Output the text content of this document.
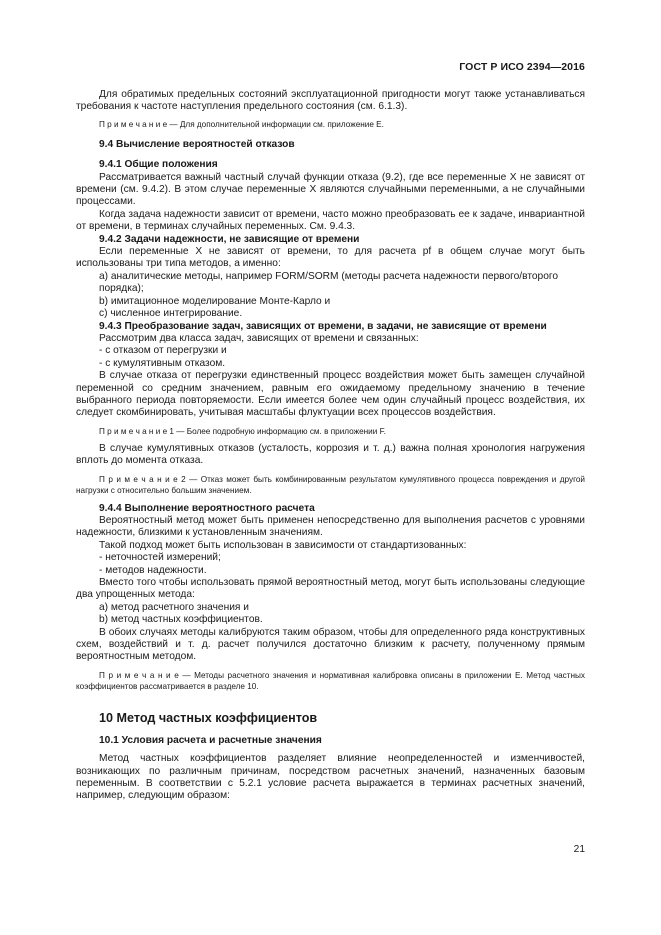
ГОСТ Р ИСО 2394—2016

Для обратимых предельных состояний эксплуатационной пригодности могут также устанавливаться требования к частоте наступления предельного состояния (см. 6.1.3).

П р и м е ч а н и е — Для дополнительной информации см. приложение Е.

9.4 Вычисление вероятностей отказов

9.4.1 Общие положения

Рассматривается важный частный случай функции отказа (9.2), где все переменные X не зависят от времени (см. 9.4.2). В этом случае переменные X являются случайными переменными, а не случайными процессами.

Когда задача надежности зависит от времени, часто можно преобразовать ее к задаче, инвариантной от времени, в терминах случайных переменных. См. 9.4.3.

9.4.2 Задачи надежности, не зависящие от времени

Если переменные X не зависят от времени, то для расчета pf в общем случае могут быть использованы три типа методов, а именно:

а) аналитические методы, например FORM/SORM (методы расчета надежности первого/второго порядка);

b) имитационное моделирование Монте-Карло и

с) численное интегрирование.

9.4.3 Преобразование задач, зависящих от времени, в задачи, не зависящие от времени

Рассмотрим два класса задач, зависящих от времени и связанных:

- с отказом от перегрузки и

- с кумулятивным отказом.

В случае отказа от перегрузки единственный процесс воздействия может быть замещен случайной переменной со средним значением, равным его ожидаемому предельному значению в течение выбранного периода повторяемости. Если имеется более чем один случайный процесс воздействия, их следует скомбинировать, учитывая масштабы флуктуации всех процессов воздействия.

П р и м е ч а н и е 1 — Более подробную информацию см. в приложении F.

В случае кумулятивных отказов (усталость, коррозия и т. д.) важна полная хронология нагружения вплоть до момента отказа.

П р и м е ч а н и е 2 — Отказ может быть комбинированным результатом кумулятивного процесса повреждения и другой нагрузки с относительно большим значением.

9.4.4 Выполнение вероятностного расчета

Вероятностный метод может быть применен непосредственно для выполнения расчетов с уровнями надежности, близкими к установленным значениям.

Такой подход может быть использован в зависимости от стандартизованных:

- неточностей измерений;

- методов надежности.

Вместо того чтобы использовать прямой вероятностный метод, могут быть использованы следующие два упрощенных метода:

а) метод расчетного значения и

b) метод частных коэффициентов.

В обоих случаях методы калибруются таким образом, чтобы для определенного ряда конструктивных схем, воздействий и т. д. расчет получился достаточно близким к расчету, полученному прямым вероятностным методом.

П р и м е ч а н и е — Методы расчетного значения и нормативная калибровка описаны в приложении Е. Метод частных коэффициентов рассматривается в разделе 10.

10 Метод частных коэффициентов

10.1 Условия расчета и расчетные значения

Метод частных коэффициентов разделяет влияние неопределенностей и изменчивостей, возникающих по различным причинам, посредством расчетных значений, назначенных базовым переменным. В соответствии с 5.2.1 условие расчета выражается в терминах расчетных значений, например, следующим образом:

21
